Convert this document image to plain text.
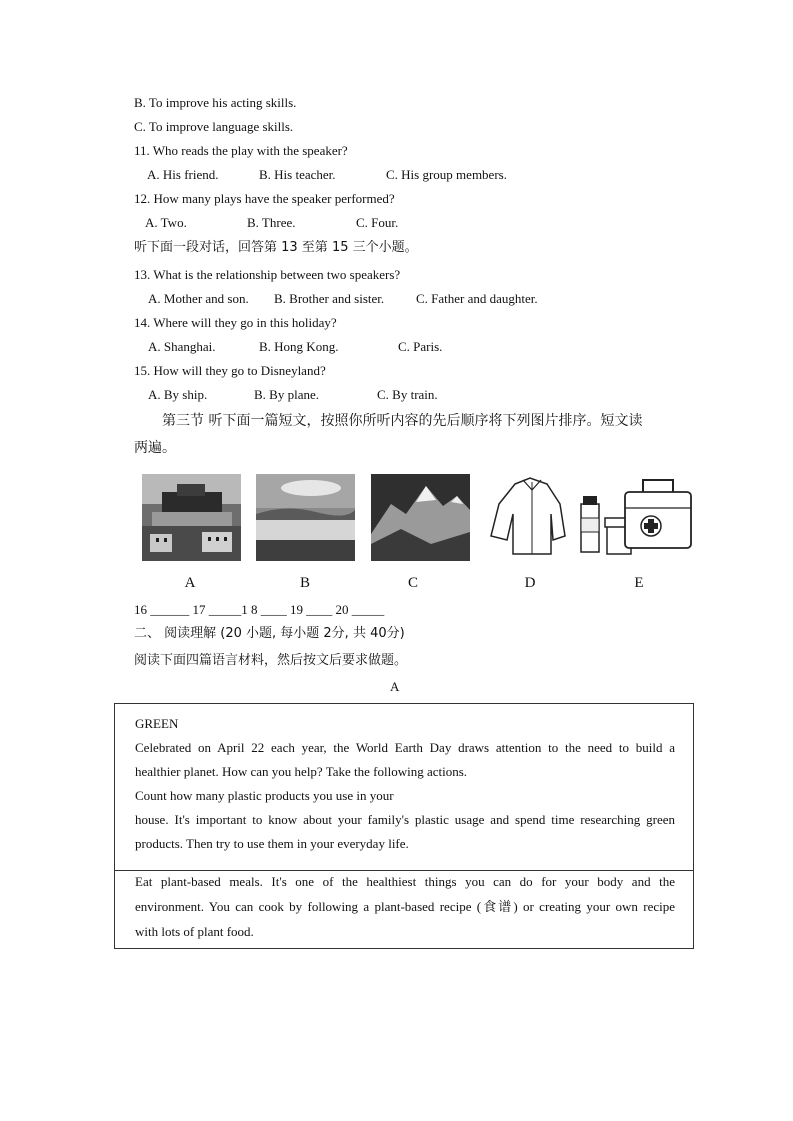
B. To improve his acting skills.
C. To improve language skills.
11. Who reads the play with the speaker?
A. His friend.	B. His teacher.	C. His group members.
12. How many plays have the speaker performed?
A. Two.	B. Three.	C. Four.
听下面一段对话，回答第 13 至第 15 三个小题。
13. What is the relationship between two speakers?
A. Mother and son. B. Brother and sister. C. Father and daughter.
14. Where will they go in this holiday?
A. Shanghai.	B. Hong Kong.	C. Paris.
15. How will they go to Disneyland?
A. By ship.	B. By plane.	C. By train.
第三节 听下面一篇短文，按照你所听内容的先后顺序将下列图片排序。短文读
两遍。
A	B	C	D	E
16 ______ 17 _____1 8 ____ 19 ____ 20 _____
二、 阅读理解 (20 小题, 每小题 2分, 共 40分)
阅读下面四篇语言材料，然后按文后要求做题。
A
GREEN
Celebrated on April 22 each year, the World Earth Day draws attention to the need to build a
healthier planet. How can you help? Take the following actions.
Count how many plastic products you use in your
house. It's important to know about your family's plastic usage and spend time researching green
products. Then try to use them in your everyday life.
Eat plant-based meals. It's one of the healthiest things you can do for your body and the
environment. You can cook by following a plant-based recipe (食谱) or creating your own recipe
with lots of plant food.
